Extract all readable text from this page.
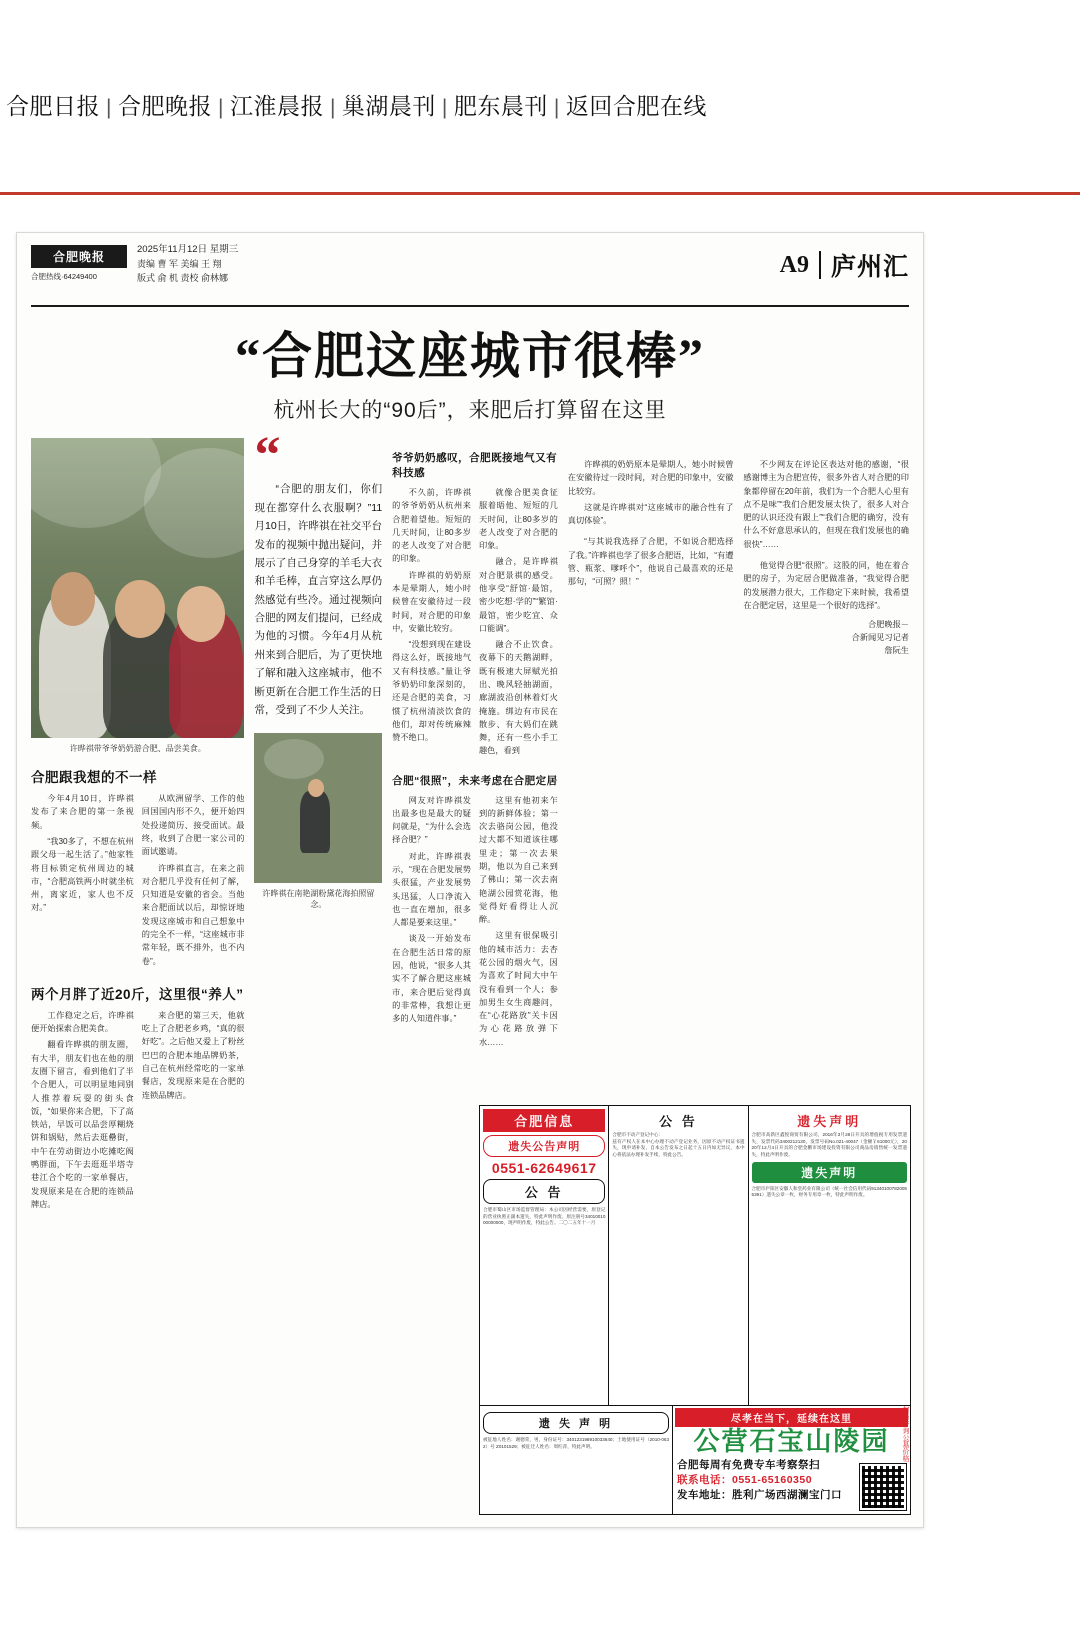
合肥日报 | 合肥晚报 | 江淮晨报 | 巢湖晨刊 | 肥东晨刊 | 返回合肥在线
合肥晚报
合肥热线·64249400
2025年11月12日 星期三
责编 曹 军 美编 王 翔
版式 俞 机 责校 俞林娜
A9 庐州汇
“合肥这座城市很棒”
杭州长大的“90后”，来肥后打算留在这里
许晔祺带爷爷奶奶游合肥、品尝美食。
合肥跟我想的不一样

今年4月10日，许晔祺发布了来合肥的第一条视频。

“我30多了，不想在杭州跟父母一起生活了。”他家牲将目标锁定杭州周边的城市，“合肥高铁两小时就坐杭州，离家近，家人也不反对。”

从欧洲留学、工作的他回国国内形不久，便开始四处投递简历、接受面试。最终，收到了合肥一家公司的面试邀请。

许晔祺直言，在来之前对合肥几乎没有任何了解，只知道是安徽的省会。当他来合肥面试以后，却惊讶地发现这座城市和自己想象中的完全不一样，“这座城市非常年轻，既不排外，也不内卷”。

两个月胖了近20斤，这里很“养人”

工作稳定之后，许晔祺便开始探索合肥美食。

翻看许晔祺的朋友圈，有大半，朋友们也在他的朋友圈下留言，看到他们了半个合肥人，可以明显地同别人推荐着玩耍的街头食饭，“如果你来合肥，下了高铁站，早饭可以品尝厚糊烧饼和锅贴，然后去逛罍街，中午在劳动街边小吃摊吃阀鸭胖面，下午去逛逛半塔寺巷江合个吃的一家单餐店，发现原来是在合肥的连锁品牌店。

来合肥的第三天，他就吃上了合肥老乡鸡，“真的很好吃”。之后他又爱上了粉丝巴巴的合肥本地品牌奶茶，自己在杭州经常吃的一家单餐店，发现原来是在合肥的连锁品牌店。

“
“合肥的朋友们，你们现在都穿什么衣服啊？”11月10日，许晔祺在社交平台发布的视频中抛出疑问，并展示了自己身穿的羊毛大衣和羊毛棒，直言穿这么厚仍然感觉有些冷。通过视频向合肥的网友们提问，已经成为他的习惯。今年4月从杭州来到合肥后，为了更快地了解和融入这座城市，他不断更新在合肥工作生活的日常，受到了不少人关注。
许晔祺在南艳湖粉黛花海拍照留念。
爷爷奶奶感叹，合肥既接地气又有科技感

不久前，许晔祺的爷爷奶奶从杭州来合肥着望他。短短的几天时间，让80多岁的老人改变了对合肥的印象。

许晔祺的奶奶原本是晕期人，她小时候曾在安徽待过一段时间，对合肥的印象中，安徽比较穷。

“没想到现在建设得这么好，既接地气又有科技感。”量让爷爷奶奶印象深刻的，还是合肥的美食，习惯了杭州清淡饮食的他们，却对传统麻辣赞不绝口。

就像合肥美食征服着晤他、短短的几天时间，让80多岁的老人改变了对合肥的印象。

融合，是许晔祺对合肥景祺的感受。他享受“舒馆·最馆，密少吃想·学的”“繁馆·最馆，密少吃宜、众口能调”。

融合不止饮食。夜幕下的天鹅湖畔，既有极速大屏赋光拍出、晚风轻抽湖面，廊湖波沿创林着灯火掩施。绑边有市民在散步、有大妈们在跳舞，还有一些小手工趣色，看到

合肥“很照”，未来考虑在合肥定居

网友对许晔祺发出最多也是最大的疑问就是，“为什么会选择合肥？”

对此，许晔祺表示，“现在合肥发展势头很猛，产业发展势头迅猛，人口净流入也一直在增加，很多人都是要来这里。”

谈及一开始发布在合肥生活日常的原因，他说，“很多人其实不了解合肥这座城市，来合肥后觉得真的非常棒，我想让更多的人知道件事。”

这里有他初来乍到的新鲜体验；第一次去骆岗公园，他没过大都不知道该往哪里走；第一次去果期，他以为自己来到了佛山；第一次去南艳湖公园赏花海，他觉得好看得让人沉醉。

这里有很保吸引他的城市活力：去杏花公园的烟火气，因为喜欢了时间大中午没有看到一个人；参加男生女生商趣问，在“心花路放”关卡因为心花路放弹下水……

许晔祺的奶奶原本是晕期人，她小时候曾在安徽待过一段时间，对合肥的印象中，安徽比较穷。

这就是许晔祺对“这座城市的融合性有了真切体验”。

“与其说我选择了合肥，不如说合肥选择了我。”许晔祺也学了很多合肥语，比如，“有遭管、瓶浆、嗲呼个”，他说自己最喜欢的还是那句，“可照？照！”

不少网友在评论区表达对他的感谢，“很感谢博主为合肥宣传，很多外省人对合肥的印象都停留在20年前，我们为一个合肥人心里有点不是味”“我们合肥发展太快了，很多人对合肥的认识还没有跟上”“我们合肥的确穷，没有什么不好意思承认的，但现在我们发展也的确很快”……

他觉得合肥“很照”。这股的同，他在着合肥的房子，为定居合肥做准备，“我觉得合肥的发展潜力很大，工作稳定下来时候，我希望在合肥定居，这里是一个很好的选择”。

合肥晚报－
合新闻见习记者
詹阮生
合肥信息
遗失公告声明
0551-62649617
公 告
合肥市蜀山区市场监督管理局：本公司因经营需要，原登记的营业执照正副本遗失，特此声明作废。原注册号3401001000000000，现声明作废，特此公告。二〇二五年十一月
公 告
合肥市不动产登记中心：
兹有产权人在本中心办理不动产登记业务，因原不动产权证书遗失，现申请补发，自本公告发布之日起十五日内如无异议，本中心将依法办理补发手续，特此公告。
遗失声明
合肥市高新区鑫悦商贸有限公司，2016年3月28日开具的增值税专用发票遗失，发票代码3400212130，发票号码No.021-40047（金额￥61000元），2020年12月4日开具的合肥金鹏市场建设投资有限公司商品房销售统一发票遗失，特此声明作废。
遗失声明
合肥市庐阳区安徽人和堂药业有限公司（统一社会信用代码913401007820055391）遗失公章一枚，财务专用章一枚，特此声明作废。
遗 失 声 明
被征地人姓名：谢德荣，男，身份证号：340123198910033640；土地使用证号（2010-0632）号 Z0101529；被征迁人姓名：周红萍，特此声明。
尽孝在当下，延续在这里
公营石宝山陵园
合肥每周有免费专车考察祭扫
联系电话：0551-65160350
发车地址：胜利广场西湖澜宝门口
扫码咨询公墓价格
